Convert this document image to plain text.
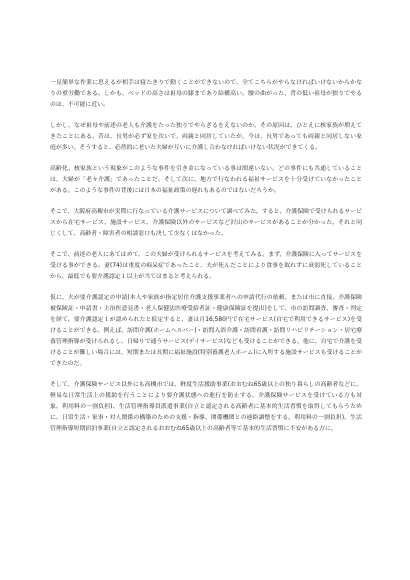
一見簡単な作業に思えるが相手は寝たきりで動くことができないので、全てこちらがやらなければいけないからかなりの重労働である。しかも、ベッドの高さは祖母の膝まであり結構高い。腰の曲がった、背の低い祖母が独りでやるのは、不可能に近い。

しかし、なぜ祖母や前述の老人も介護をたった独りでやらざるをえないのか。その原因は、ひとえに核家族が増えてきたことにある。昔は、長男が必ず家を次いで、両親と同居していたが、今は、長男であっても両親と同居しない家庭が多い。そうすると、必然的に老いた夫婦が互いに介護し合わなければいけない状況ができてくる。

高齢化、核家族という現象がこのような事件を引き金になっている事は間違いない。どの事件にも共通していることは、夫婦が「老々介護」であったことだ。そして次に、地方で行なわれる福祉サービスを十分受けていなかったことがある。このような事件の背後には日本の福祉政策の遅れもあるのではないだろうか。

そこで、大阪府高槻市が実際に行なっている介護サービスについて調べてみた。すると、介護保険で受けられるサービスから在宅サービス、施設サービス、介護保険以外のサービスなど沢山のサービスがあることが分かった。それと同じくして、高齢者・障害者の相談窓口も決して少なくはなかった。

そこで、前述の老人にあてはめて、この夫婦が受けられるサービスを考えてみる。まず、介護保険に入ってサービスを受ける事ができる。妻(74)は重度の痴呆症であったこと、夫が死んだことにより食事を取れずに衰弱死していることから、最低でも要介護認定１以上が当てはまると考えられる。

仮に、夫が要介護認定の申請(本人や家族が指定居住介護支援事業者への申請代行の依頼、または市に直接、介護保険被保険証・申請書・主治医意見書・老人保健法医療受給者証・健康保険証を提出)をして、市の訪問調査、審査・判定を経て、要介護認定１が認められたと仮定すると、妻は月16,580円で在宅サービス(自宅で利用できるサービス)を受けることができる。例えば、訪問介護(ホームヘルパー)・訪問入浴介護・訪問看護・訪問リハビリテーション・居宅療養管理指導が受けられるし、日帰りで通うサービス(デイサービス)なども受けることができる。他に、自宅で介護を受けることが難しい場合には、短期または長期に福祉施設(特別養護老人ホーム)に入所する施設サービスも受けることができたのだ。

そして、介護保険サービス以外にも高槻市では、軽度生活援助事業(おおむね65歳以上の独り暮らしの高齢者などに、軽易な日常生活上の援助を行うことにより要介護状態への進行を防止する。介護保険サービスを受けている方も対象。利用料の一割負担)、生活管理指導員派遣事業(自立と認定される高齢者に基本的生活習慣を取得してもらうために、日常生活・家事・対人関係の構築のための支援・指導、関係機関との連絡調整をする。利用料の一割負担)、生活管理指導短期宿泊事業(自立と認定されるおおむね65歳以上の高齢者等で基本的生活習慣に不安がある方に、
